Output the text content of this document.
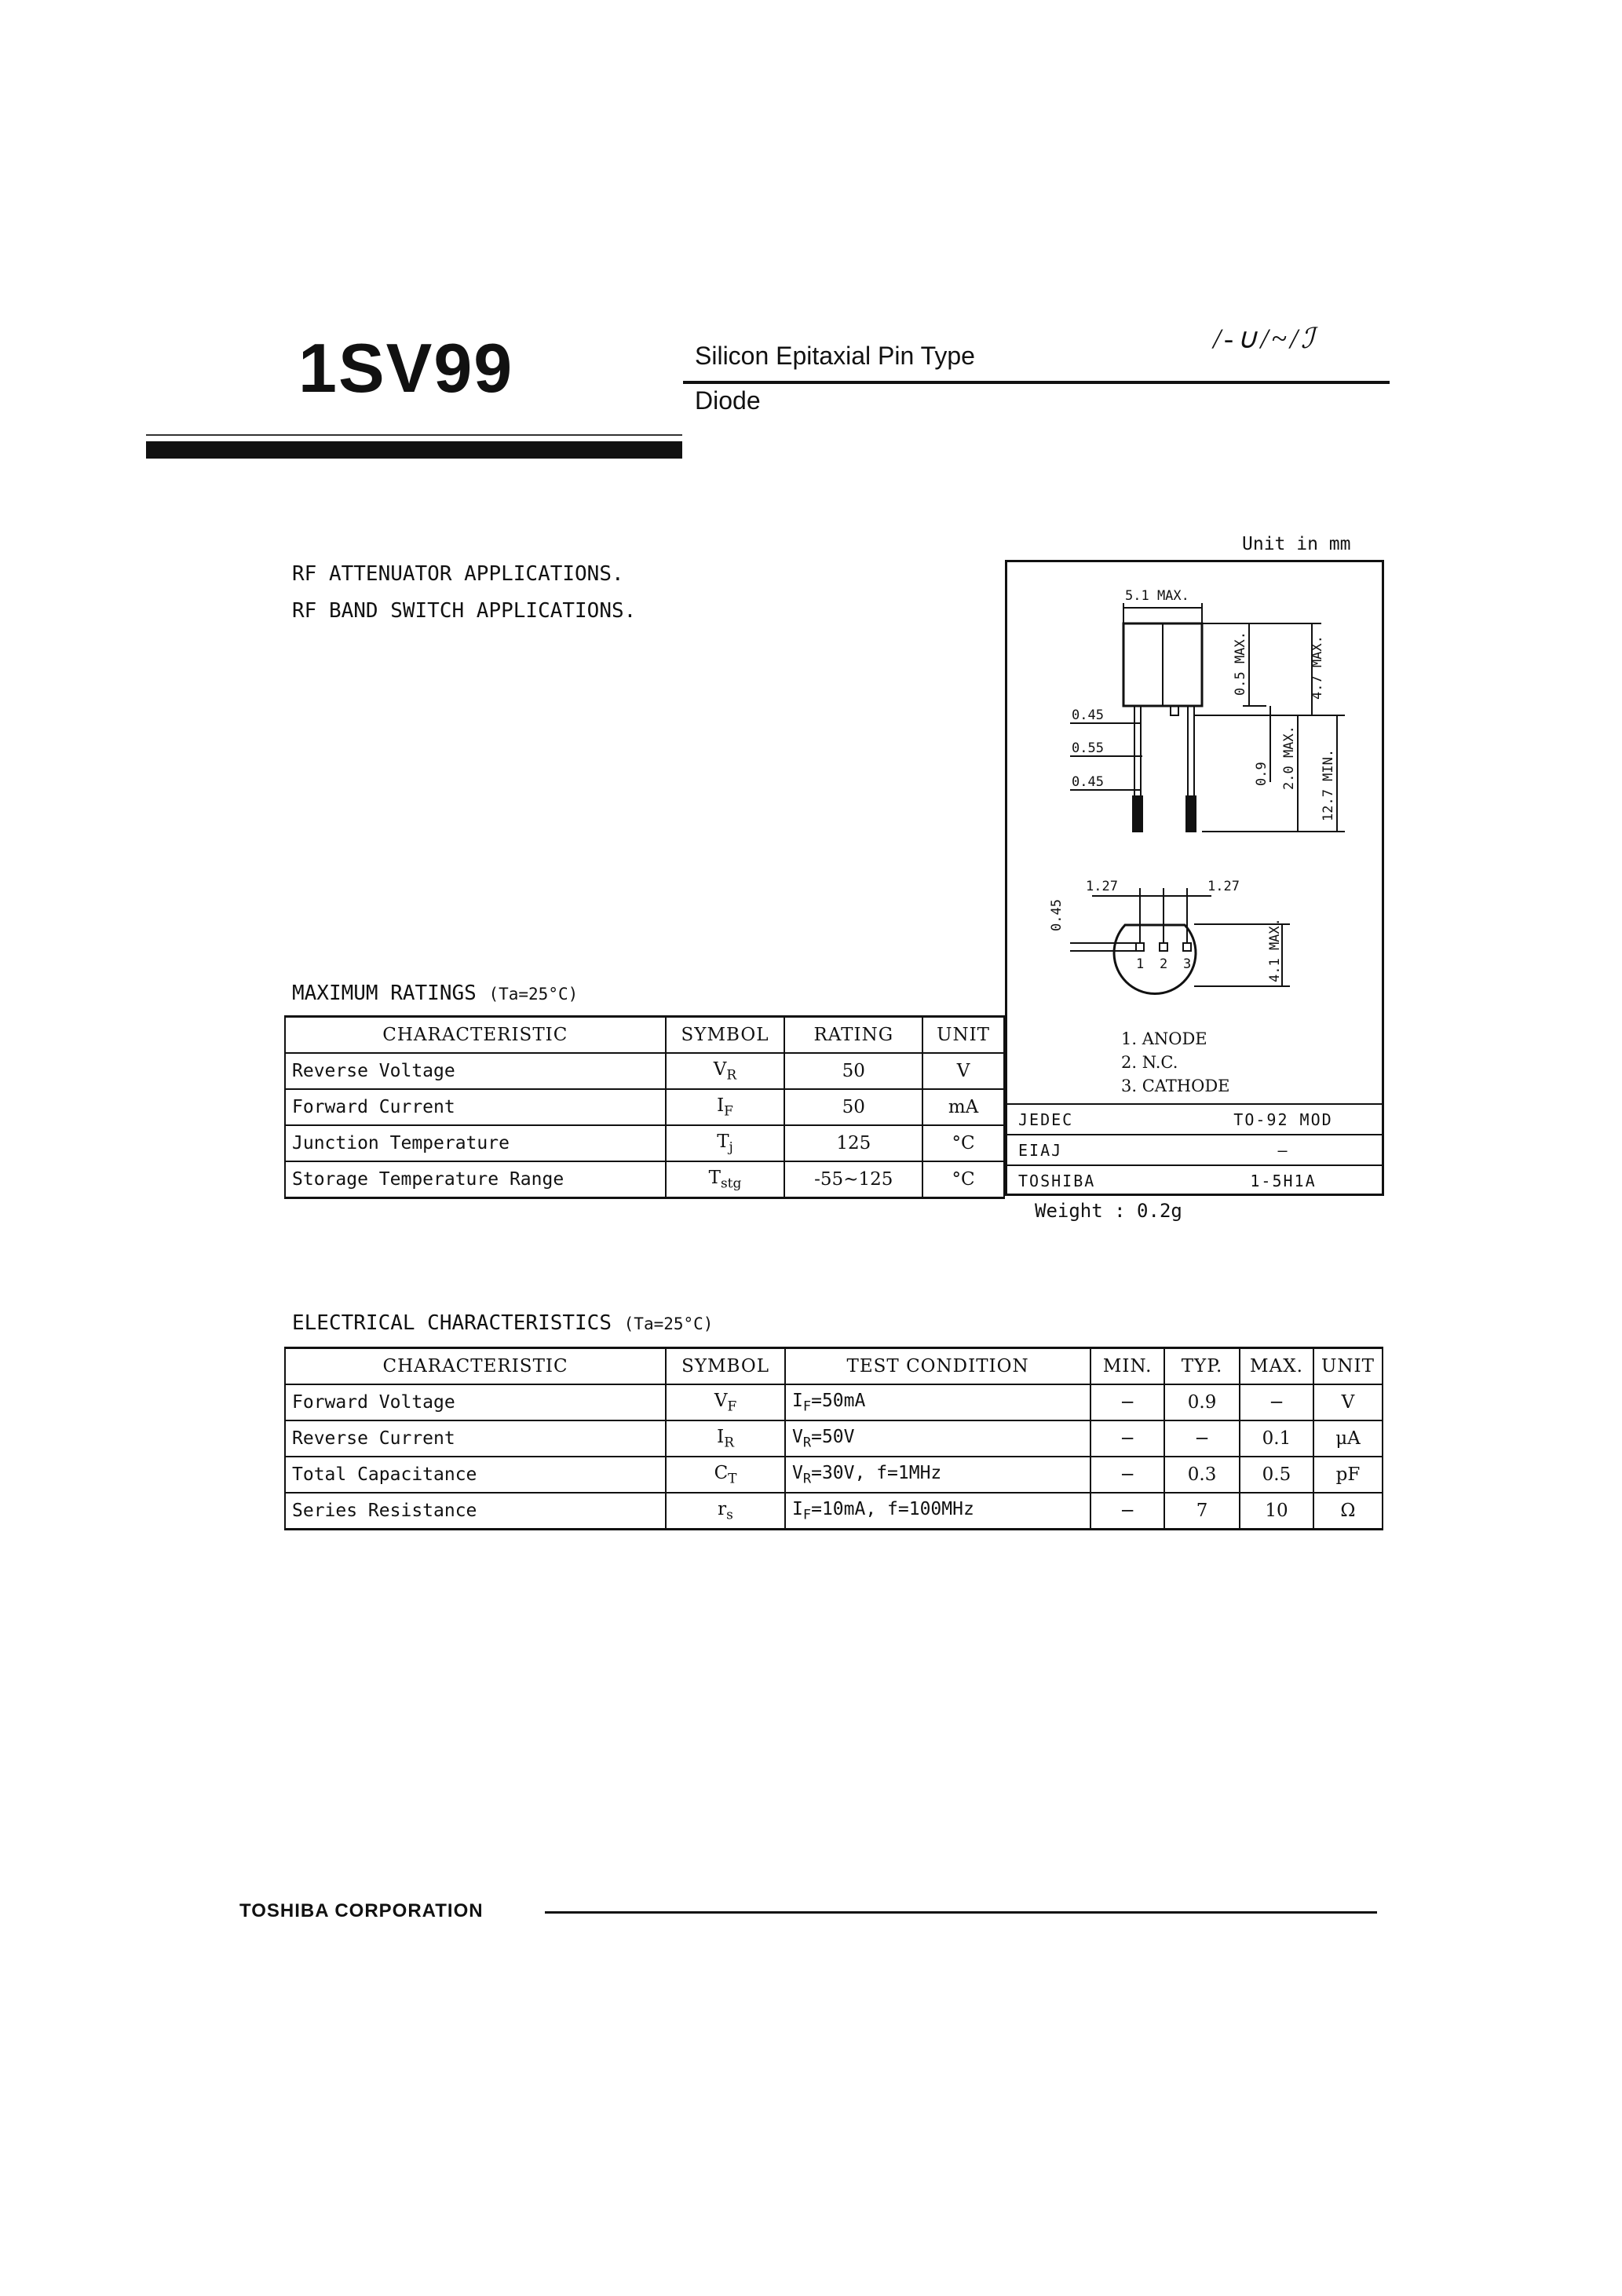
1SV99	Silicon Epitaxial Pin Type
Diode
/-∪/~/ℐ
RF ATTENUATOR APPLICATIONS.
RF BAND SWITCH APPLICATIONS.
Unit in mm
5.1 MAX.
0.5 MAX.	4.7 MAX.
0.9 2.0 MAX. 12.7 MIN.
0.45
0.55
0.45
1.27	1.27
0.45
4.1 MAX.
1 2 3
1. ANODE
2. N.C.
3. CATHODE
JEDEC	TO-92 MOD
EIAJ	—
TOSHIBA	1-5H1A
Weight : 0.2g
MAXIMUM RATINGS (Ta=25°C)
CHARACTERISTIC	SYMBOL	RATING	UNIT
Reverse Voltage	$V_R$	50	V
Forward Current	$I_F$	50	mA
Junction Temperature	$T_j$	125	°C
Storage Temperature Range	$T_{stg}$	-55∼125	°C
ELECTRICAL CHARACTERISTICS (Ta=25°C)
CHARACTERISTIC	SYMBOL	TEST CONDITION	MIN.	TYP.	MAX.	UNIT
Forward Voltage	$V_F$	$I_F=50mA$	−	0.9	−	V
Reverse Current	$I_R$	$V_R=50V$	−	−	0.1	μA
Total Capacitance	$C_T$	$V_R=30V$, f=1MHz	−	0.3	0.5	pF
Series Resistance	$r_s$	$I_F=10mA$, f=100MHz	−	7	10	Ω
TOSHIBA CORPORATION
